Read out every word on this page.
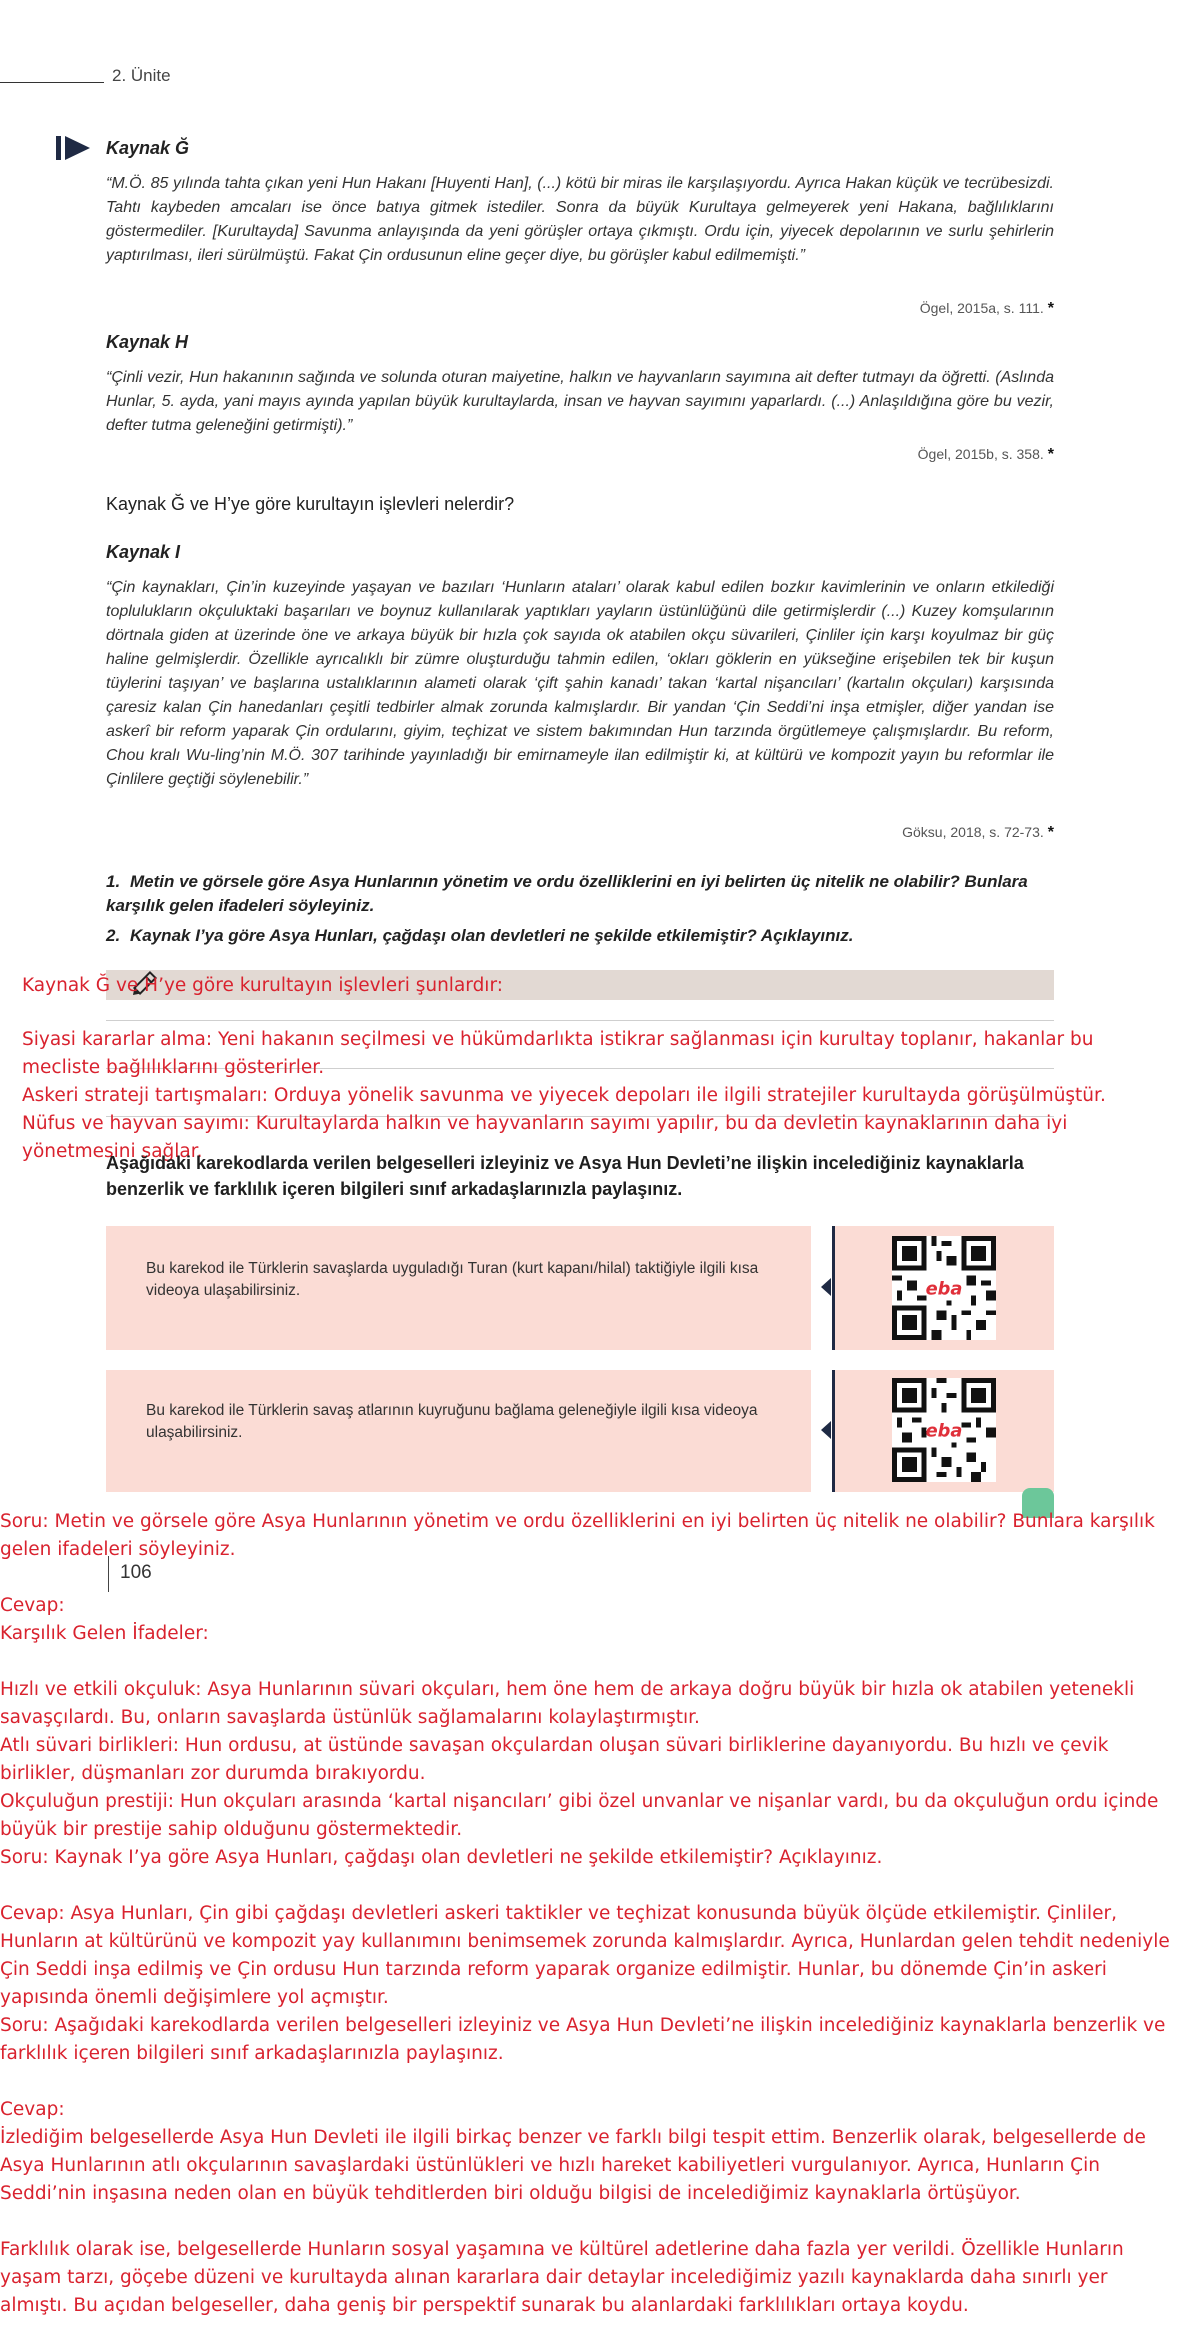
2. Ünite
Kaynak Ğ
“M.Ö. 85 yılında tahta çıkan yeni Hun Hakanı [Huyenti Han], (...) kötü bir miras ile karşılaşıyordu. Ayrıca Hakan küçük ve tecrübesizdi. Tahtı kaybeden amcaları ise önce batıya gitmek istediler. Sonra da büyük Kurultaya gelmeyerek yeni Hakana, bağlılıklarını göstermediler. [Kurultayda] Savunma anlayışında da yeni görüşler ortaya çıkmıştı. Ordu için, yiyecek depolarının ve surlu şehirlerin yaptırılması, ileri sürülmüştü. Fakat Çin ordusunun eline geçer diye, bu görüşler kabul edilmemişti.”
Ögel, 2015a, s. 111. *
Kaynak H
“Çinli vezir, Hun hakanının sağında ve solunda oturan maiyetine, halkın ve hayvanların sayımına ait defter tutmayı da öğretti. (Aslında Hunlar, 5. ayda, yani mayıs ayında yapılan büyük kurultaylarda, insan ve hayvan sayımını yaparlardı. (...) Anlaşıldığına göre bu vezir, defter tutma geleneğini getirmişti).”
Ögel, 2015b, s. 358. *
Kaynak Ğ ve H’ye göre kurultayın işlevleri nelerdir?
Kaynak I
“Çin kaynakları, Çin’in kuzeyinde yaşayan ve bazıları ‘Hunların ataları’ olarak kabul edilen bozkır kavimlerinin ve onların etkilediği toplulukların okçuluktaki başarıları ve boynuz kullanılarak yaptıkları yayların üstünlüğünü dile getirmişlerdir (...) Kuzey komşularının dörtnala giden at üzerinde öne ve arkaya büyük bir hızla çok sayıda ok atabilen okçu süvarileri, Çinliler için karşı koyulmaz bir güç haline gelmişlerdir. Özellikle ayrıcalıklı bir zümre oluşturduğu tahmin edilen, ‘okları göklerin en yükseğine erişebilen tek bir kuşun tüylerini taşıyan’ ve başlarına ustalıklarının alameti olarak ‘çift şahin kanadı’ takan ‘kartal nişancıları’ (kartalın okçuları) karşısında çaresiz kalan Çin hanedanları çeşitli tedbirler almak zorunda kalmışlardır. Bir yandan ‘Çin Seddi’ni inşa etmişler, diğer yandan ise askerî bir reform yaparak Çin ordularını, giyim, teçhizat ve sistem bakımından Hun tarzında örgütlemeye çalışmışlardır. Bu reform, Chou kralı Wu-ling’nin M.Ö. 307 tarihinde yayınladığı bir emirnameyle ilan edilmiştir ki, at kültürü ve kompozit yayın bu reformlar ile Çinlilere geçtiği söylenebilir.”
Göksu, 2018, s. 72-73. *
1. Metin ve görsele göre Asya Hunlarının yönetim ve ordu özelliklerini en iyi belirten üç nitelik ne olabilir? Bunlara karşılık gelen ifadeleri söyleyiniz.
2. Kaynak I’ya göre Asya Hunları, çağdaşı olan devletleri ne şekilde etkilemiştir? Açıklayınız.
Kaynak Ğ ve H’ye göre kurultayın işlevleri şunlardır:
Siyasi kararlar alma: Yeni hakanın seçilmesi ve hükümdarlıkta istikrar sağlanması için kurultay toplanır, hakanlar bu mecliste bağlılıklarını gösterirler.
Askeri strateji tartışmaları: Orduya yönelik savunma ve yiyecek depoları ile ilgili stratejiler kurultayda görüşülmüştür.
Nüfus ve hayvan sayımı: Kurultaylarda halkın ve hayvanların sayımı yapılır, bu da devletin kaynaklarının daha iyi yönetmesini sağlar.
Aşağıdaki karekodlarda verilen belgeselleri izleyiniz ve Asya Hun Devleti’ne ilişkin incelediğiniz kaynaklarla benzerlik ve farklılık içeren bilgileri sınıf arkadaşlarınızla paylaşınız.
Bu karekod ile Türklerin savaşlarda uyguladığı Turan (kurt kapanı/hilal) taktiğiyle ilgili kısa videoya ulaşabilirsiniz.	eba
Bu karekod ile Türklerin savaş atlarının kuyruğunu bağlama geleneğiyle ilgili kısa videoya ulaşabilirsiniz.	eba
106
Soru: Metin ve görsele göre Asya Hunlarının yönetim ve ordu özelliklerini en iyi belirten üç nitelik ne olabilir? Bunlara karşılık gelen ifadeleri söyleyiniz.
Cevap:
Karşılık Gelen İfadeler:
Hızlı ve etkili okçuluk: Asya Hunlarının süvari okçuları, hem öne hem de arkaya doğru büyük bir hızla ok atabilen yetenekli savaşçılardı. Bu, onların savaşlarda üstünlük sağlamalarını kolaylaştırmıştır.
Atlı süvari birlikleri: Hun ordusu, at üstünde savaşan okçulardan oluşan süvari birliklerine dayanıyordu. Bu hızlı ve çevik birlikler, düşmanları zor durumda bırakıyordu.
Okçuluğun prestiji: Hun okçuları arasında ‘kartal nişancıları’ gibi özel unvanlar ve nişanlar vardı, bu da okçuluğun ordu içinde büyük bir prestije sahip olduğunu göstermektedir.
Soru: Kaynak I’ya göre Asya Hunları, çağdaşı olan devletleri ne şekilde etkilemiştir? Açıklayınız.
Cevap: Asya Hunları, Çin gibi çağdaşı devletleri askeri taktikler ve teçhizat konusunda büyük ölçüde etkilemiştir. Çinliler, Hunların at kültürünü ve kompozit yay kullanımını benimsemek zorunda kalmışlardır. Ayrıca, Hunlardan gelen tehdit nedeniyle Çin Seddi inşa edilmiş ve Çin ordusu Hun tarzında reform yaparak organize edilmiştir. Hunlar, bu dönemde Çin’in askeri yapısında önemli değişimlere yol açmıştır.
Soru: Aşağıdaki karekodlarda verilen belgeselleri izleyiniz ve Asya Hun Devleti’ne ilişkin incelediğiniz kaynaklarla benzerlik ve farklılık içeren bilgileri sınıf arkadaşlarınızla paylaşınız.
Cevap:
İzlediğim belgesellerde Asya Hun Devleti ile ilgili birkaç benzer ve farklı bilgi tespit ettim. Benzerlik olarak, belgesellerde de Asya Hunlarının atlı okçularının savaşlardaki üstünlükleri ve hızlı hareket kabiliyetleri vurgulanıyor. Ayrıca, Hunların Çin Seddi’nin inşasına neden olan en büyük tehditlerden biri olduğu bilgisi de incelediğimiz kaynaklarla örtüşüyor.
Farklılık olarak ise, belgesellerde Hunların sosyal yaşamına ve kültürel adetlerine daha fazla yer verildi. Özellikle Hunların yaşam tarzı, göçebe düzeni ve kurultayda alınan kararlara dair detaylar incelediğimiz yazılı kaynaklarda daha sınırlı yer almıştı. Bu açıdan belgeseller, daha geniş bir perspektif sunarak bu alanlardaki farklılıkları ortaya koydu.
